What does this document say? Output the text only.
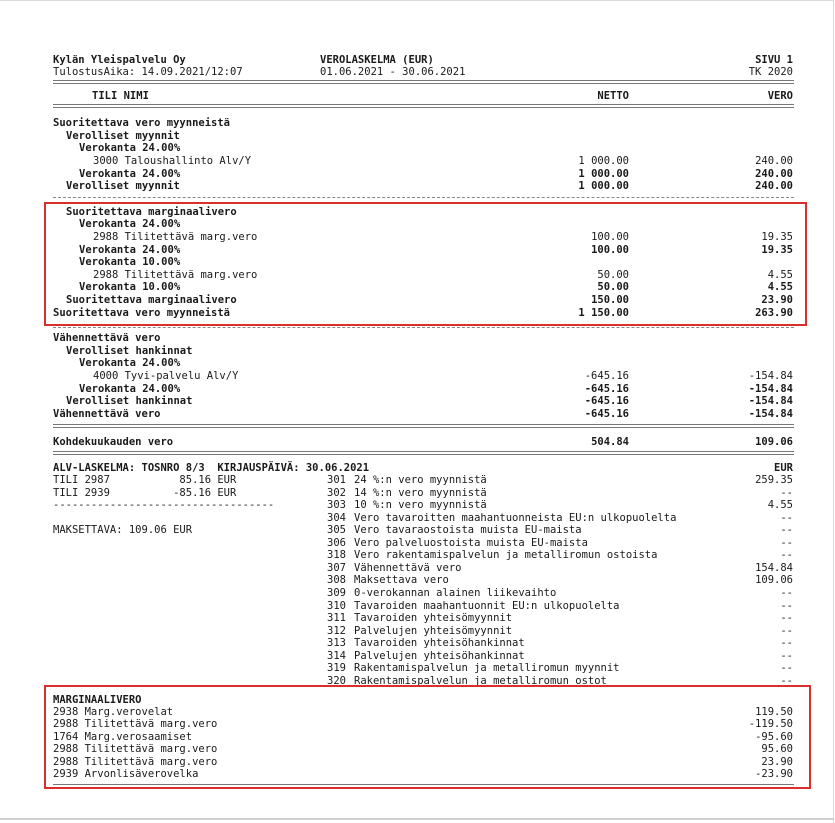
Kylän Yleispalvelu Oy
TulostusAika: 14.09.2021/12:07
VEROLASKELMA (EUR)
01.06.2021 - 30.06.2021
SIVU 1
TK 2020
TILI NIMI	NETTO	VERO
Suoritettava vero myynneistä
Verolliset myynnit
Verokanta 24.00%
3000 Taloushallinto Alv/Y	1 000.00	240.00
Verokanta 24.00%	1 000.00	240.00
Verolliset myynnit	1 000.00	240.00
Suoritettava marginaalivero
Verokanta 24.00%
2988 Tilitettävä marg.vero	100.00	19.35
Verokanta 24.00%	100.00	19.35
Verokanta 10.00%
2988 Tilitettävä marg.vero	50.00	4.55
Verokanta 10.00%	50.00	4.55
Suoritettava marginaalivero	150.00	23.90
Suoritettava vero myynneistä	1 150.00	263.90
Vähennettävä vero
Verolliset hankinnat
Verokanta 24.00%
4000 Tyvi-palvelu Alv/Y	-645.16	-154.84
Verokanta 24.00%	-645.16	-154.84
Verolliset hankinnat	-645.16	-154.84
Vähennettävä vero	-645.16	-154.84
Kohdekuukauden vero	504.84	109.06
ALV-LASKELMA: TOSNRO 8/3  KIRJAUSPÄIVÄ: 30.06.2021	EUR
TILI 2987           85.16 EUR
TILI 2939          -85.16 EUR
-----------------------------------
MAKSETTAVA: 109.06 EUR
301 24 %:n vero myynnistä	259.35
302 14 %:n vero myynnistä	--
303 10 %:n vero myynnistä	4.55
304 Vero tavaroitten maahantuonneista EU:n ulkopuolelta	--
305 Vero tavaraostoista muista EU-maista	--
306 Vero palveluostoista muista EU-maista	--
318 Vero rakentamispalvelun ja metalliromun ostoista	--
307 Vähennettävä vero	154.84
308 Maksettava vero	109.06
309 0-verokannan alainen liikevaihto	--
310 Tavaroiden maahantuonnit EU:n ulkopuolelta	--
311 Tavaroiden yhteisömyynnit	--
312 Palvelujen yhteisömyynnit	--
313 Tavaroiden yhteisöhankinnat	--
314 Palvelujen yhteisöhankinnat	--
319 Rakentamispalvelun ja metalliromun myynnit	--
320 Rakentamispalvelun ja metalliromun ostot	--
MARGINAALIVERO
2938 Marg.verovelat	119.50
2988 Tilitettävä marg.vero	-119.50
1764 Marg.verosaamiset	-95.60
2988 Tilitettävä marg.vero	95.60
2988 Tilitettävä marg.vero	23.90
2939 Arvonlisäverovelka	-23.90
